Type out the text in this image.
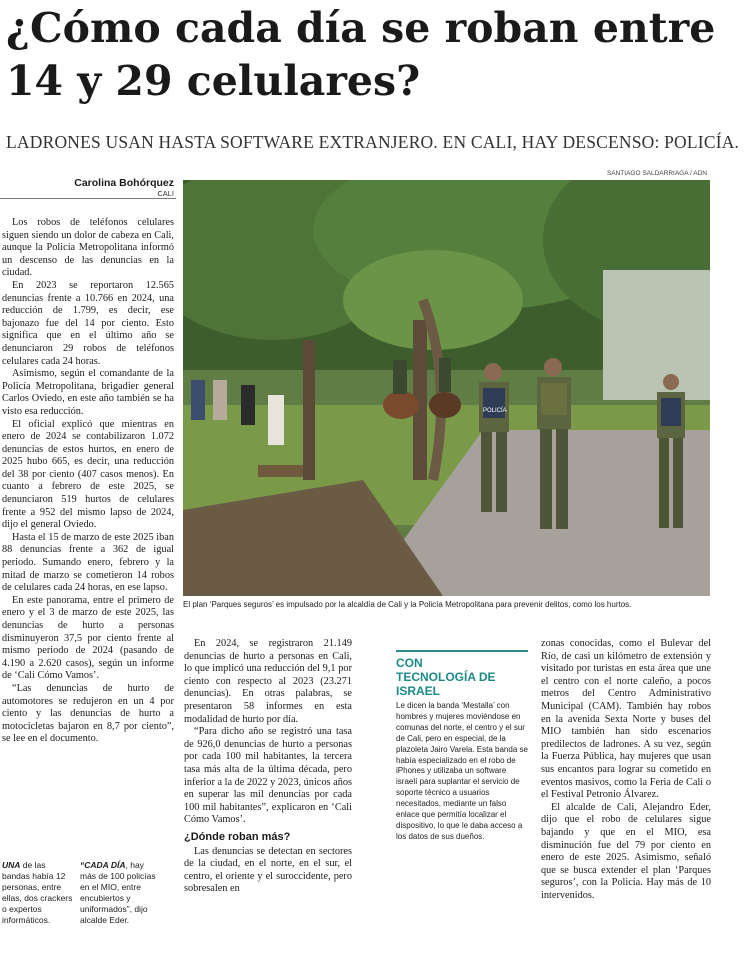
¿Cómo cada día se roban entre 14 y 29 celulares?

LADRONES USAN HASTA SOFTWARE EXTRANJERO. EN CALI, HAY DESCENSO: POLICÍA.

Carolina Bohórquez
CALI
SANTIAGO SALDARRIAGA / ADN
POLICÍA
El plan ‘Parques seguros’ es impulsado por la alcaldía de Cali y la Policía Metropolitana para prevenir delitos, como los hurtos.

Los robos de teléfonos celulares siguen siendo un dolor de cabeza en Cali, aunque la Policía Metropolitana informó un descenso de las denuncias en la ciudad.

En 2023 se reportaron 12.565 denuncias frente a 10.766 en 2024, una reducción de 1.799, es decir, ese bajonazo fue del 14 por ciento. Esto significa que en el último año se denunciaron 29 robos de teléfonos celulares cada 24 horas.

Asimismo, según el comandante de la Policía Metropolitana, brigadier general Carlos Oviedo, en este año también se ha visto esa reducción.

El oficial explicó que mientras en enero de 2024 se contabilizaron 1.072 denuncias de estos hurtos, en enero de 2025 hubo 665, es decir, una reducción del 38 por ciento (407 casos menos). En cuanto a febrero de este 2025, se denunciaron 519 hurtos de celulares frente a 952 del mismo lapso de 2024, dijo el general Oviedo.

Hasta el 15 de marzo de este 2025 iban 88 denuncias frente a 362 de igual periodo. Sumando enero, febrero y la mitad de marzo se cometieron 14 robos de celulares cada 24 horas, en ese lapso.

En este panorama, entre el primero de enero y el 3 de marzo de este 2025, las denuncias de hurto a personas disminuyeron 37,5 por ciento frente al mismo periodo de 2024 (pasando de 4.190 a 2.620 casos), según un informe de ‘Cali Cómo Vamos’.

“Las denuncias de hurto de automotores se redujeron en un 4 por ciento y las denuncias de hurto a motocicletas bajaron en 8,7 por ciento”, se lee en el documento.

UNA de las bandas había 12 personas, entre ellas, dos crackers o expertos informáticos.
“CADA DÍA, hay más de 100 policías en el MIO, entre encubiertos y uniformados”, dijo alcalde Eder.

En 2024, se registraron 21.149 denuncias de hurto a personas en Cali, lo que implicó una reducción del 9,1 por ciento con respecto al 2023 (23.271 denuncias). En otras palabras, se presentaron 58 informes en esta modalidad de hurto por día.

“Para dicho año se registró una tasa de 926,0 denuncias de hurto a personas por cada 100 mil habitantes, la tercera tasa más alta de la última década, pero inferior a la de 2022 y 2023, únicos años en superar las mil denuncias por cada 100 mil habitantes”, explicaron en ‘Cali Cómo Vamos’.

¿Dónde roban más?

Las denuncias se detectan en sectores de la ciudad, en el norte, en el sur, el centro, el oriente y el suroccidente, pero sobresalen en

CON TECNOLOGÍA DE ISRAEL

Le dicen la banda ‘Mestalla’ con hombres y mujeres moviéndose en comunas del norte, el centro y el sur de Cali, pero en especial, de la plazoleta Jairo Varela. Esta banda se había especializado en el robo de iPhones y utilizaba un software israelí para suplantar el servicio de soporte técnico a usuarios necesitados, mediante un falso enlace que permitía localizar el dispositivo, lo que le daba acceso a los datos de sus dueños.

zonas conocidas, como el Bulevar del Río, de casi un kilómetro de extensión y visitado por turistas en esta área que une el centro con el norte caleño, a pocos metros del Centro Administrativo Municipal (CAM). También hay robos en la avenida Sexta Norte y buses del MIO también han sido escenarios predilectos de ladrones. A su vez, según la Fuerza Pública, hay mujeres que usan sus encantos para lograr su cometido en eventos masivos, como la Feria de Cali o el Festival Petronio Álvarez.

El alcalde de Cali, Alejandro Eder, dijo que el robo de celulares sigue bajando y que en el MIO, esa disminución fue del 79 por ciento en enero de este 2025. Asimismo, señaló que se busca extender el plan ‘Parques seguros’, con la Policía. Hay más de 10 intervenidos.
